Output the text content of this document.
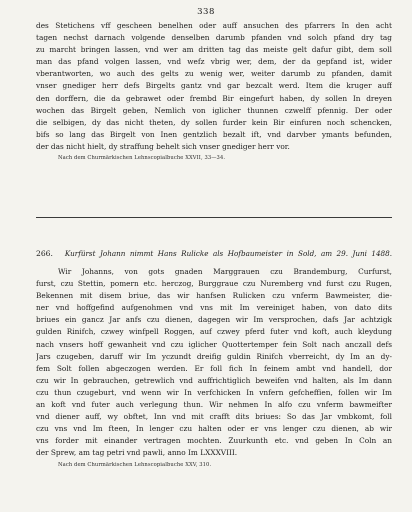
338
des Stetichens vff gescheen benelhen oder auff ansuchen des pfarrers In den acht
tagen nechst darnach volgende denselben darumb pfanden vnd solch pfand dry tag
zu marcht bringen lassen, vnd wer am dritten tag das meiste gelt dafur gibt, dem soll
man das pfand volgen lassen, vnd wefz vbrig wer, dem, der da gepfand ist, wider
vberantworten, wo auch des gelts zu wenig wer, weiter darumb zu pfanden, damit
vnser gnediger herr defs Birgelts gantz vnd gar bezcalt werd. Item die kruger auff
den dorffern, die da gebrawet oder frembd Bir eingefurt haben, dy sollen In dreyen
wochen das Birgelt geben, Nemlich von iglicher thunnen czwelff pfennig. Der oder
die selbigen, dy das nicht theten, dy sollen furder kein Bir einfuren noch schencken,
bifs so lang das Birgelt von Inen gentzlich bezalt ift, vnd darvber ymants befunden,
der das nicht hielt, dy straffung behelt sich vnser gnediger herr vor.
Nach dem Churmärkischen Lehnscopialbuche XXVII, 33—34.
266. Kurfürst Johann nimmt Hans Rulicke als Hofbaumeister in Sold, am 29. Juni 1488.
Wir Johanns, von gots gnaden Marggrauen czu Brandemburg, Curfurst,
furst, czu Stettin, pomern etc. herczog, Burggraue czu Nuremberg vnd furst czu Rugen,
Bekennen mit disem briue, das wir hanfsen Rulicken czu vnferm Bawmeister, die-
ner vnd hoffgefind aufgenohmen vnd vns mit Im vereiniget haben, von dato dits
briues ein gancz Jar anfs czu dienen, dagegen wir Im versprochen, dafs Jar achtzigk
gulden Rinifch, czwey winfpell Roggen, auf czwey pferd futer vnd koft, auch kleydung
nach vnsers hoff gewanheit vnd czu iglicher Quottertemper fein Solt nach anczall defs
Jars czugeben, daruff wir Im yczundt dreifig guldin Rinifch vberreicht, dy Im an dy-
fem Solt follen abgeczogen werden. Er foll fich In feinem ambt vnd handell, dor
czu wir In gebrauchen, getrewlich vnd auffrichtiglich beweifen vnd halten, als Im dann
czu thun czugeburt, vnd wenn wir In verfchicken In vnfern gefcheffien, follen wir Im
an koft vnd futer auch verlegung thun. Wir nehmen In alfo czu vnferm bawmeifter
vnd diener auff, wy obftet, Inn vnd mit crafft dits briues: So das Jar vmbkomt, foll
czu vns vnd Im fteen, In lenger czu halten oder er vns lenger czu dienen, ab wir
vns forder mit einander vertragen mochten. Zuurkunth etc. vnd geben In Coln an
der Sprew, am tag petri vnd pawli, anno Im LXXXVIII.
Nach dem Churmärkischen Lehnscopialbuche XXV, 310.
